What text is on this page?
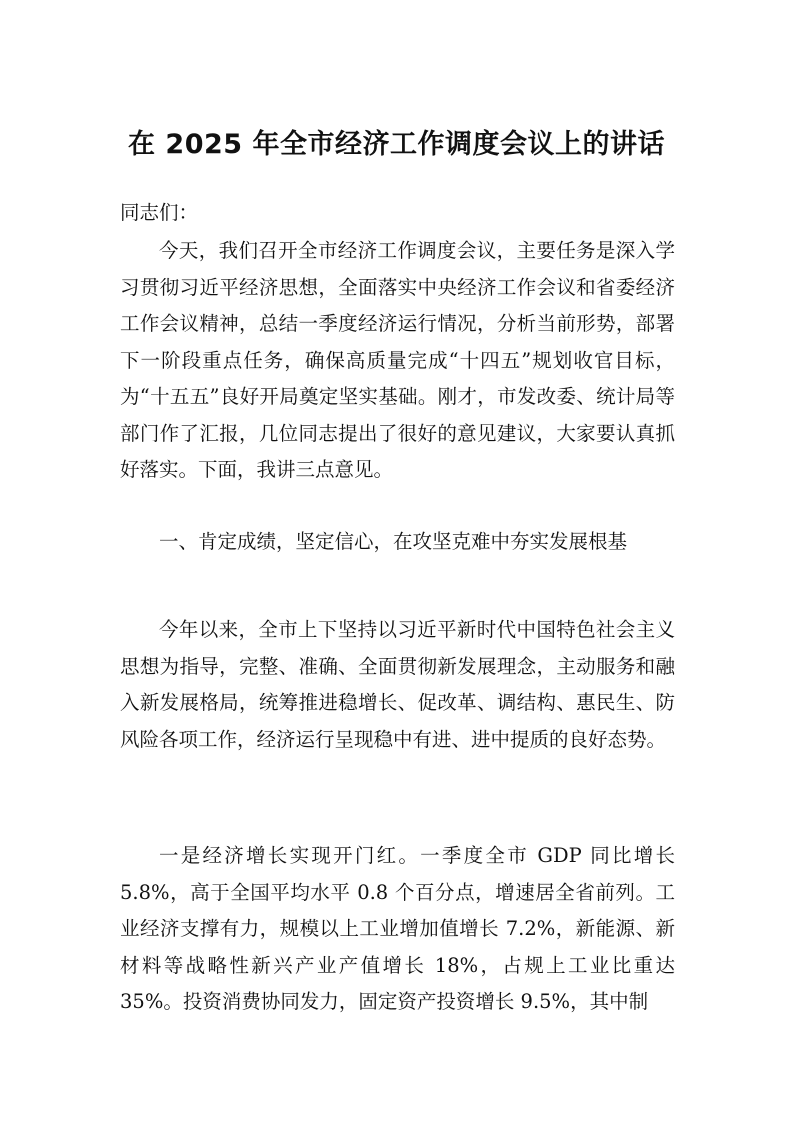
在 2025 年全市经济工作调度会议上的讲话
同志们：

今天，我们召开全市经济工作调度会议，主要任务是深入学习贯彻习近平经济思想，全面落实中央经济工作会议和省委经济工作会议精神，总结一季度经济运行情况，分析当前形势，部署下一阶段重点任务，确保高质量完成“十四五”规划收官目标，为“十五五”良好开局奠定坚实基础。刚才，市发改委、统计局等部门作了汇报，几位同志提出了很好的意见建议，大家要认真抓好落实。下面，我讲三点意见。

一、肯定成绩，坚定信心，在攻坚克难中夯实发展根基

今年以来，全市上下坚持以习近平新时代中国特色社会主义思想为指导，完整、准确、全面贯彻新发展理念，主动服务和融入新发展格局，统筹推进稳增长、促改革、调结构、惠民生、防风险各项工作，经济运行呈现稳中有进、进中提质的良好态势。

一是经济增长实现开门红。一季度全市 GDP 同比增长 5.8%，高于全国平均水平 0.8 个百分点，增速居全省前列。工业经济支撑有力，规模以上工业增加值增长 7.2%，新能源、新材料等战略性新兴产业产值增长 18%，占规上工业比重达 35%。投资消费协同发力，固定资产投资增长 9.5%，其中制
